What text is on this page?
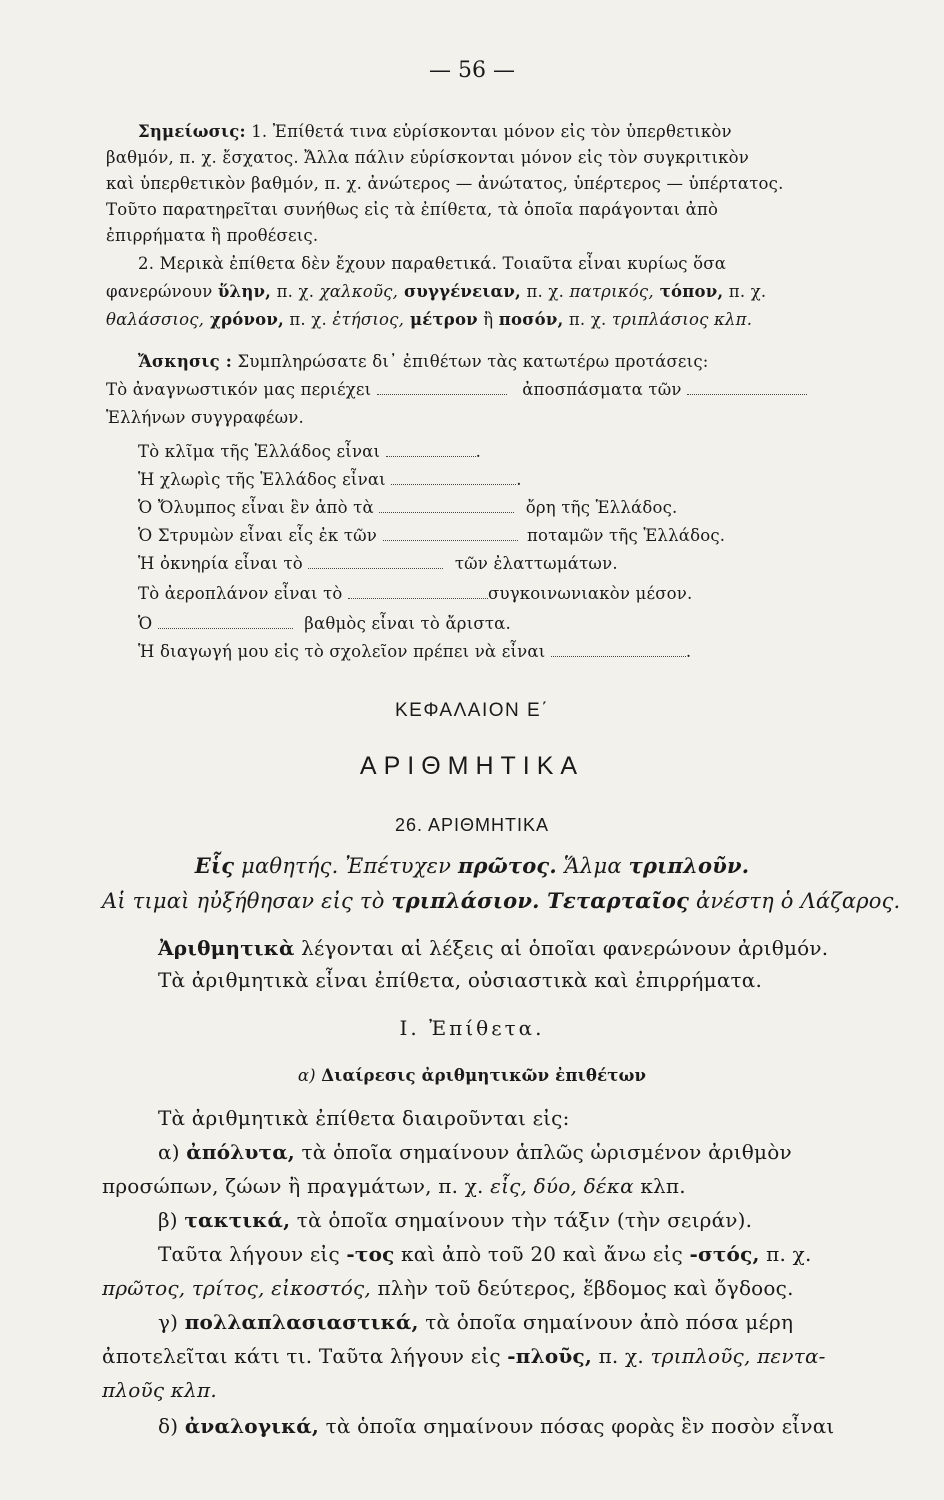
— 56 —
Σημείωσις: 1. Ἐπίθετά τινα εὑρίσκονται μόνον εἰς τὸν ὑπερθετικὸν
βαθμόν, π. χ. ἔσχατος. Ἄλλα πάλιν εὑρίσκονται μόνον εἰς τὸν συγκριτικὸν
καὶ ὑπερθετικὸν βαθμόν, π. χ. ἀνώτερος — ἀνώτατος, ὑπέρτερος — ὑπέρτατος.
Τοῦτο παρατηρεῖται συνήθως εἰς τὰ ἐπίθετα, τὰ ὁποῖα παράγονται ἀπὸ
ἐπιρρήματα ἢ προθέσεις.
2. Μερικὰ ἐπίθετα δὲν ἔχουν παραθετικά. Τοιαῦτα εἶναι κυρίως ὅσα
φανερώνουν ὕλην, π. χ. χαλκοῦς, συγγένειαν, π. χ. πατρικός, τόπον, π. χ.
θαλάσσιος, χρόνον, π. χ. ἐτήσιος, μέτρον ἢ ποσόν, π. χ. τριπλάσιος κλπ.
Ἄσκησις : Συμπληρώσατε δι᾽ ἐπιθέτων τὰς κατωτέρω προτάσεις:
Τὸ ἀναγνωστικόν μας περιέχει	ἀποσπάσματα τῶν
Ἑλλήνων συγγραφέων.
Τὸ κλῖμα τῆς Ἑλλάδος εἶναι	.
Ἡ χλωρὶς τῆς Ἑλλάδος εἶναι	.
Ὁ Ὄλυμπος εἶναι ἓν ἀπὸ τὰ	ὄρη τῆς Ἑλλάδος.
Ὁ Στρυμὼν εἶναι εἷς ἐκ τῶν	ποταμῶν τῆς Ἑλλάδος.
Ἡ ὀκνηρία εἶναι τὸ	τῶν ἐλαττωμάτων.
Τὸ ἀεροπλάνον εἶναι τὸ	συγκοινωνιακὸν μέσον.
Ὁ	βαθμὸς εἶναι τὸ ἄριστα.
Ἡ διαγωγή μου εἰς τὸ σχολεῖον πρέπει νὰ εἶναι	.
ΚΕΦΑΛΑΙΟΝ Ε΄
ΑΡΙΘΜΗΤΙΚΑ
26. ΑΡΙΘΜΗΤΙΚΑ
Εἷς μαθητής. Ἐπέτυχεν πρῶτος. Ἅλμα τριπλοῦν.
Αἱ τιμαὶ ηὐξήθησαν εἰς τὸ τριπλάσιον. Τεταρταῖος ἀνέστη ὁ Λάζαρος.
Ἀριθμητικὰ λέγονται αἱ λέξεις αἱ ὁποῖαι φανερώνουν ἀριθμόν.
Τὰ ἀριθμητικὰ εἶναι ἐπίθετα, οὐσιαστικὰ καὶ ἐπιρρήματα.
Ι. Ἐπίθετα.
α) Διαίρεσις ἀριθμητικῶν ἐπιθέτων
Τὰ ἀριθμητικὰ ἐπίθετα διαιροῦνται εἰς:
α) ἀπόλυτα, τὰ ὁποῖα σημαίνουν ἁπλῶς ὡρισμένον ἀριθμὸν
προσώπων, ζώων ἢ πραγμάτων, π. χ. εἷς, δύο, δέκα κλπ.
β) τακτικά, τὰ ὁποῖα σημαίνουν τὴν τάξιν (τὴν σειράν).
Ταῦτα λήγουν εἰς -τος καὶ ἀπὸ τοῦ 20 καὶ ἄνω εἰς -στός, π. χ.
πρῶτος, τρίτος, εἰκοστός, πλὴν τοῦ δεύτερος, ἕβδομος καὶ ὄγδοος.
γ) πολλαπλασιαστικά, τὰ ὁποῖα σημαίνουν ἀπὸ πόσα μέρη
ἀποτελεῖται κάτι τι. Ταῦτα λήγουν εἰς -πλοῦς, π. χ. τριπλοῦς, πεντα-
πλοῦς κλπ.
δ) ἀναλογικά, τὰ ὁποῖα σημαίνουν πόσας φορὰς ἓν ποσὸν εἶναι
